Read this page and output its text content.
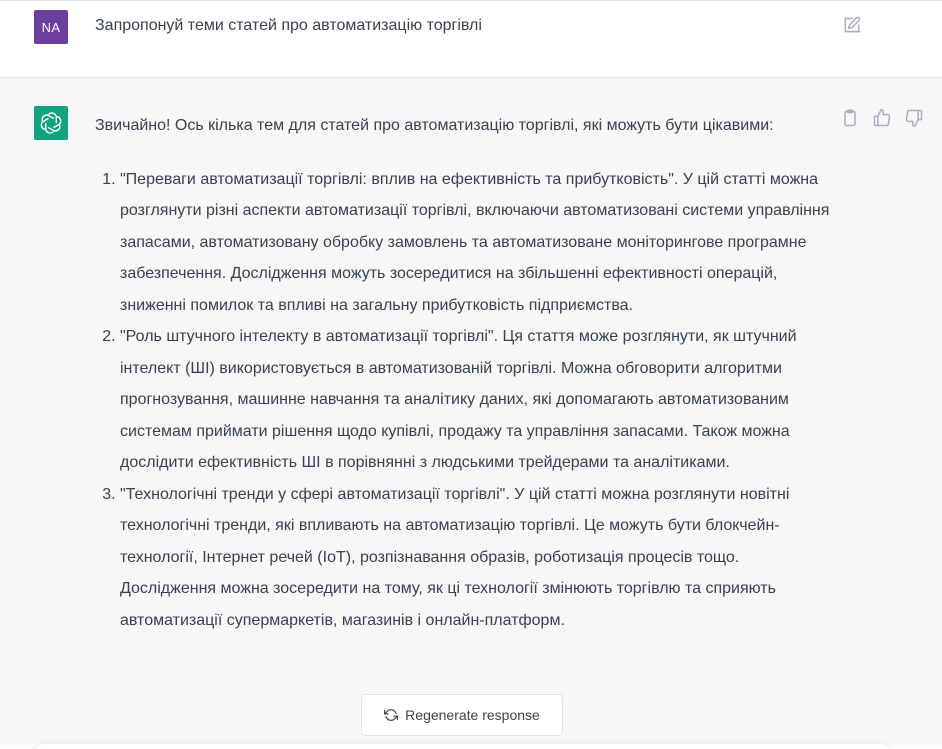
NA Запропонуй теми статей про автоматизацію торгівлі

Звичайно! Ось кілька тем для статей про автоматизацію торгівлі, які можуть бути цікавими:

1. "Переваги автоматизації торгівлі: вплив на ефективність та прибутковість". У цій статті можна розглянути різні аспекти автоматизації торгівлі, включаючи автоматизовані системи управління запасами, автоматизовану обробку замовлень та автоматизоване моніторингове програмне забезпечення. Дослідження можуть зосередитися на збільшенні ефективності операцій, зниженні помилок та впливі на загальну прибутковість підприємства.
2. "Роль штучного інтелекту в автоматизації торгівлі". Ця стаття може розглянути, як штучний інтелект (ШІ) використовується в автоматизованій торгівлі. Можна обговорити алгоритми прогнозування, машинне навчання та аналітику даних, які допомагають автоматизованим системам приймати рішення щодо купівлі, продажу та управління запасами. Також можна дослідити ефективність ШІ в порівнянні з людськими трейдерами та аналітиками.
3. "Технологічні тренди у сфері автоматизації торгівлі". У цій статті можна розглянути новітні технологічні тренди, які впливають на автоматизацію торгівлі. Це можуть бути блокчейн-технології, Інтернет речей (IoT), розпізнавання образів, роботизація процесів тощо. Дослідження можна зосередити на тому, як ці технології змінюють торгівлю та сприяють автоматизації супермаркетів, магазинів і онлайн-платформ.
Regenerate response
